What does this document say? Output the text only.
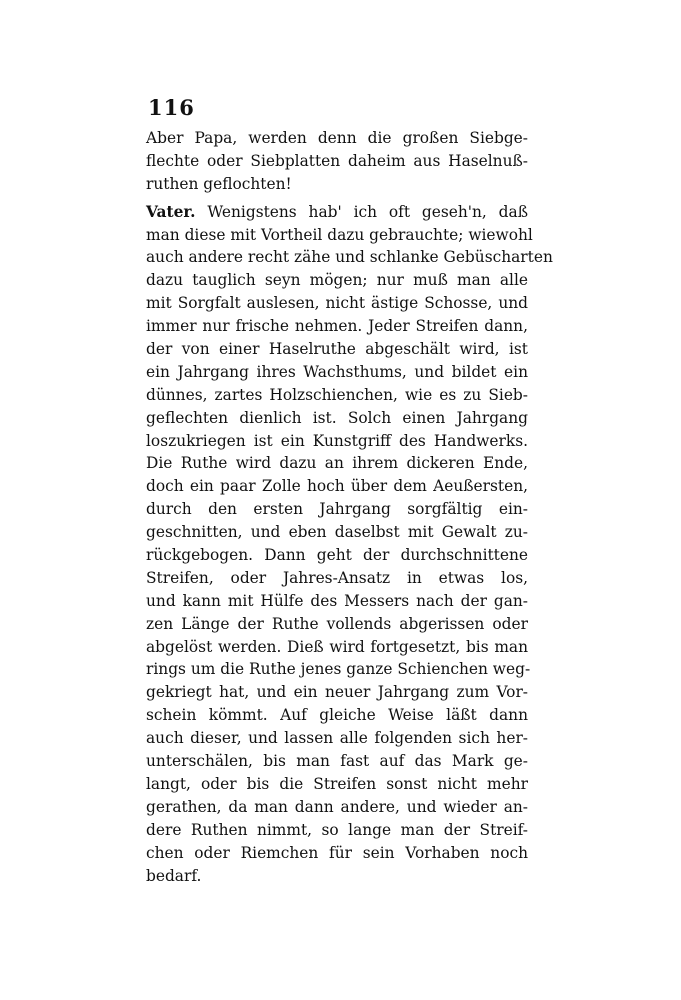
116
Aber Papa, werden denn die großen Siebge-
flechte oder Siebplatten daheim aus Haselnuß-
ruthen geflochten!
Vater. Wenigstens hab' ich oft geseh'n, daß
man diese mit Vortheil dazu gebrauchte; wiewohl
auch andere recht zähe und schlanke Gebüscharten
dazu tauglich seyn mögen; nur muß man alle
mit Sorgfalt auslesen, nicht ästige Schosse, und
immer nur frische nehmen. Jeder Streifen dann,
der von einer Haselruthe abgeschält wird, ist
ein Jahrgang ihres Wachsthums, und bildet ein
dünnes, zartes Holzschienchen, wie es zu Sieb-
geflechten dienlich ist. Solch einen Jahrgang
loszukriegen ist ein Kunstgriff des Handwerks.
Die Ruthe wird dazu an ihrem dickeren Ende,
doch ein paar Zolle hoch über dem Aeußersten,
durch den ersten Jahrgang sorgfältig ein-
geschnitten, und eben daselbst mit Gewalt zu-
rückgebogen. Dann geht der durchschnittene
Streifen, oder Jahres-Ansatz in etwas los,
und kann mit Hülfe des Messers nach der gan-
zen Länge der Ruthe vollends abgerissen oder
abgelöst werden. Dieß wird fortgesetzt, bis man
rings um die Ruthe jenes ganze Schienchen weg-
gekriegt hat, und ein neuer Jahrgang zum Vor-
schein kömmt. Auf gleiche Weise läßt dann
auch dieser, und lassen alle folgenden sich her-
unterschälen, bis man fast auf das Mark ge-
langt, oder bis die Streifen sonst nicht mehr
gerathen, da man dann andere, und wieder an-
dere Ruthen nimmt, so lange man der Streif-
chen oder Riemchen für sein Vorhaben noch
bedarf.
